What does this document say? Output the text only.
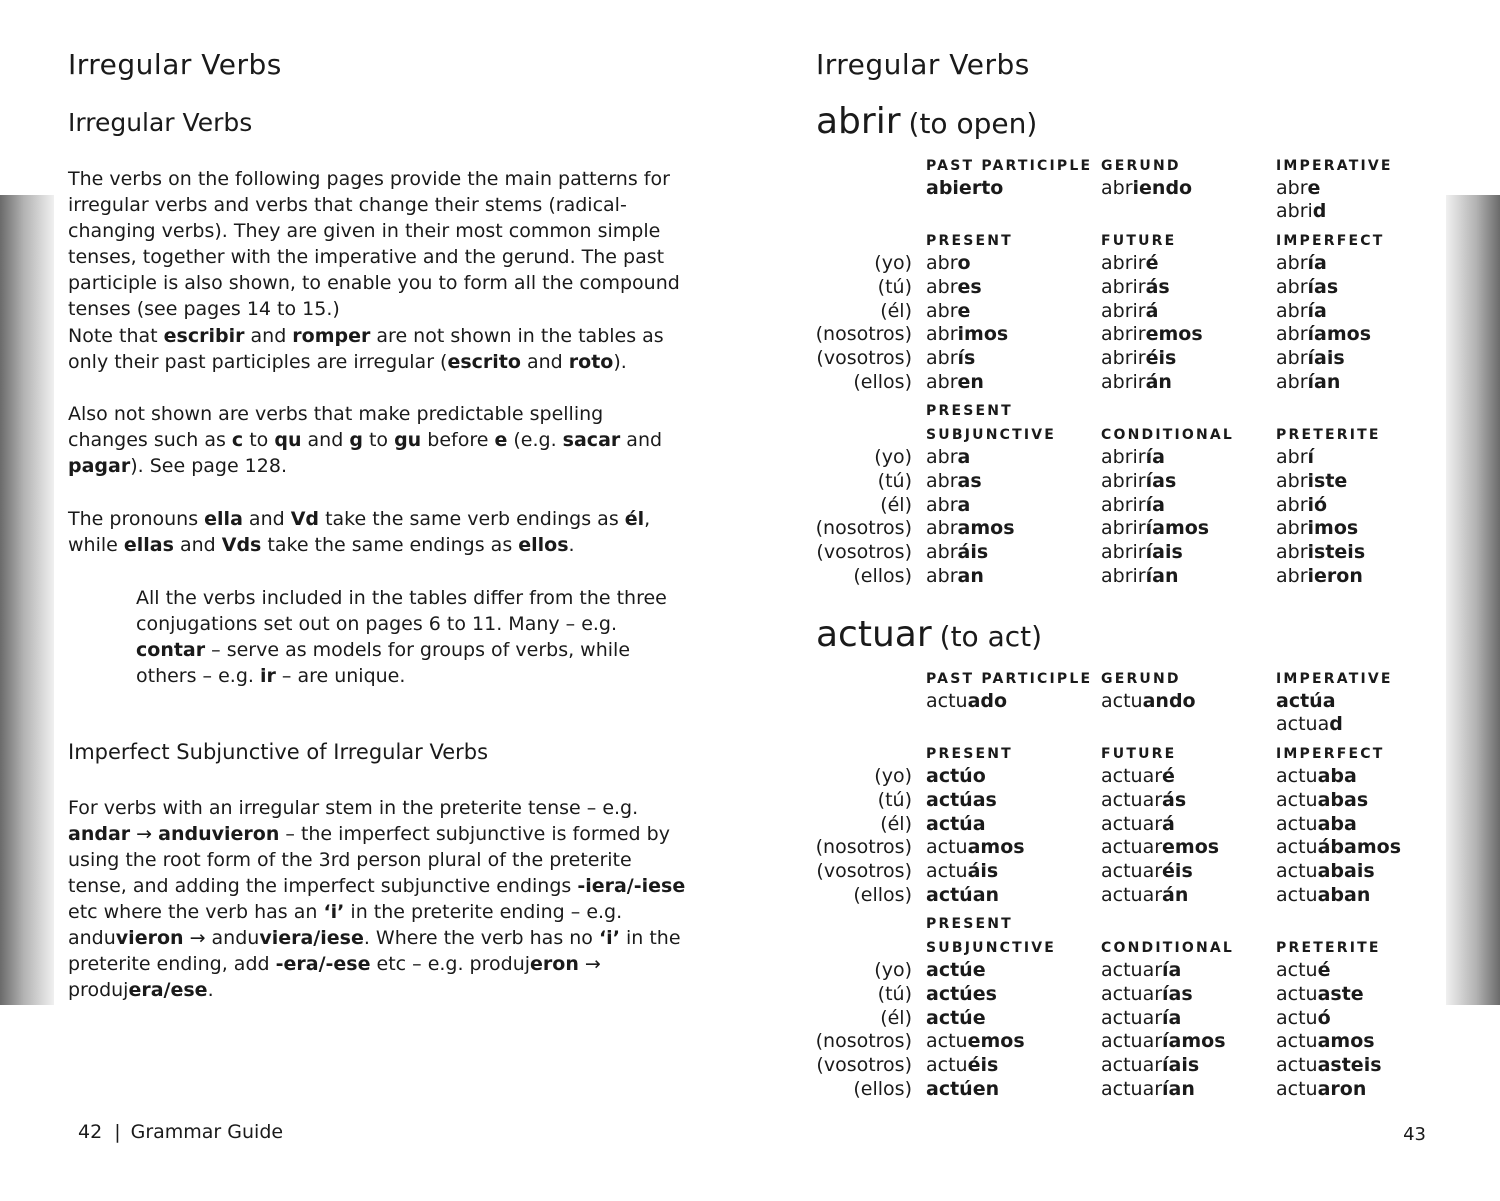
Irregular Verbs
Irregular Verbs

The verbs on the following pages provide the main patterns for irregular verbs and verbs that change their stems (radical-changing verbs). They are given in their most common simple tenses, together with the imperative and the gerund. The past participle is also shown, to enable you to form all the compound tenses (see pages 14 to 15.)

Note that escribir and romper are not shown in the tables as only their past participles are irregular (escrito and roto).

Also not shown are verbs that make predictable spelling changes such as c to qu and g to gu before e (e.g. sacar and pagar). See page 128.

The pronouns ella and Vd take the same verb endings as él, while ellas and Vds take the same endings as ellos.

All the verbs included in the tables differ from the three conjugations set out on pages 6 to 11. Many – e.g. contar – serve as models for groups of verbs, while others – e.g. ir – are unique.

Imperfect Subjunctive of Irregular Verbs

For verbs with an irregular stem in the preterite tense – e.g. andar → anduvieron – the imperfect subjunctive is formed by using the root form of the 3rd person plural of the preterite tense, and adding the imperfect subjunctive endings -iera/-iese etc where the verb has an ‘i’ in the preterite ending – e.g. anduvieron → anduviera/iese. Where the verb has no ‘i’ in the preterite ending, add -era/-ese etc – e.g. produjeron → produjera/ese.

42 | Grammar Guide
Irregular Verbs
43
abrir (to open)
PAST PARTICIPLE GERUND	IMPERATIVE
abierto	abriendo	abre
abrid
PRESENT	FUTURE	IMPERFECT
(yo) abro	abriré	abría
(tú) abres	abrirás	abrías
(él) abre	abrirá	abría
(nosotros) abrimos	abriremos	abríamos
(vosotros) abrís	abriréis	abríais
(ellos) abren	abrirán	abrían
PRESENT
SUBJUNCTIVE	CONDITIONAL	PRETERITE
(yo) abra	abriría	abrí
(tú) abras	abrirías	abriste
(él) abra	abriría	abrió
(nosotros) abramos	abriríamos	abrimos
(vosotros) abráis	abriríais	abristeis
(ellos) abran	abrirían	abrieron
actuar (to act)
PAST PARTICIPLE GERUND	IMPERATIVE
actuado	actuando	actúa
actuad
PRESENT	FUTURE	IMPERFECT
(yo) actúo	actuaré	actuaba
(tú) actúas	actuarás	actuabas
(él) actúa	actuará	actuaba
(nosotros) actuamos	actuaremos	actuábamos
(vosotros) actuáis	actuaréis	actuabais
(ellos) actúan	actuarán	actuaban
PRESENT
SUBJUNCTIVE	CONDITIONAL	PRETERITE
(yo) actúe	actuaría	actué
(tú) actúes	actuarías	actuaste
(él) actúe	actuaría	actuó
(nosotros) actuemos	actuaríamos	actuamos
(vosotros) actuéis	actuaríais	actuasteis
(ellos) actúen	actuarían	actuaron
